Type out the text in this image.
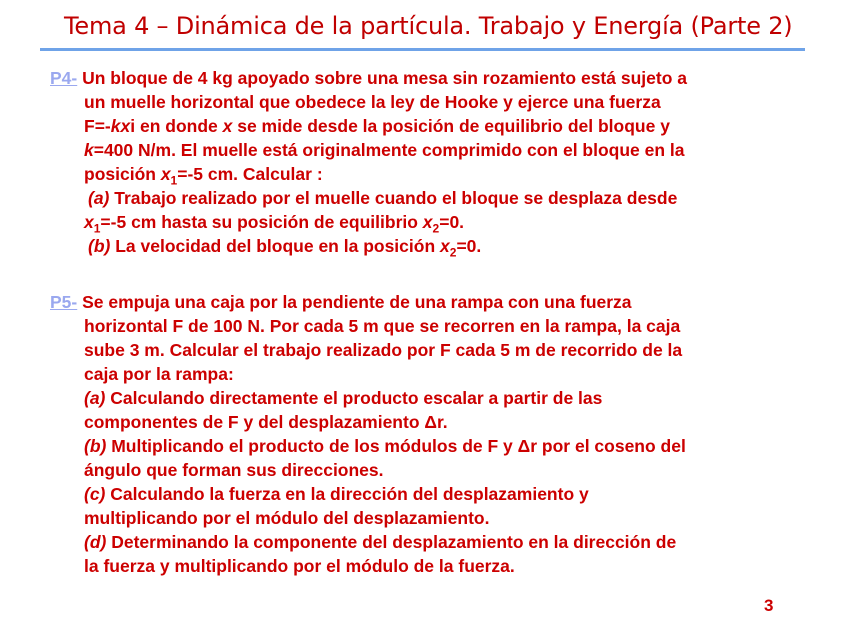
Tema 4 – Dinámica de la partícula. Trabajo y Energía (Parte 2)
P4- Un bloque de 4 kg apoyado sobre una mesa sin rozamiento está sujeto a
un muelle horizontal que obedece la ley de Hooke y ejerce una fuerza
F=-kxi en donde x se mide desde la posición de equilibrio del bloque y
k=400 N/m. El muelle está originalmente comprimido con el bloque en la
posición $x_1=-5$ cm. Calcular :
(a) Trabajo realizado por el muelle cuando el bloque se desplaza desde
$x_1=-5$ cm hasta su posición de equilibrio $x_2=0$.
(b) La velocidad del bloque en la posición $x_2=0$.
P5- Se empuja una caja por la pendiente de una rampa con una fuerza
horizontal F de 100 N. Por cada 5 m que se recorren en la rampa, la caja
sube 3 m. Calcular el trabajo realizado por F cada 5 m de recorrido de la
caja por la rampa:
(a) Calculando directamente el producto escalar a partir de las
componentes de F y del desplazamiento Δr.
(b) Multiplicando el producto de los módulos de F y Δr por el coseno del
ángulo que forman sus direcciones.
(c) Calculando la fuerza en la dirección del desplazamiento y
multiplicando por el módulo del desplazamiento.
(d) Determinando la componente del desplazamiento en la dirección de
la fuerza y multiplicando por el módulo de la fuerza.
3
